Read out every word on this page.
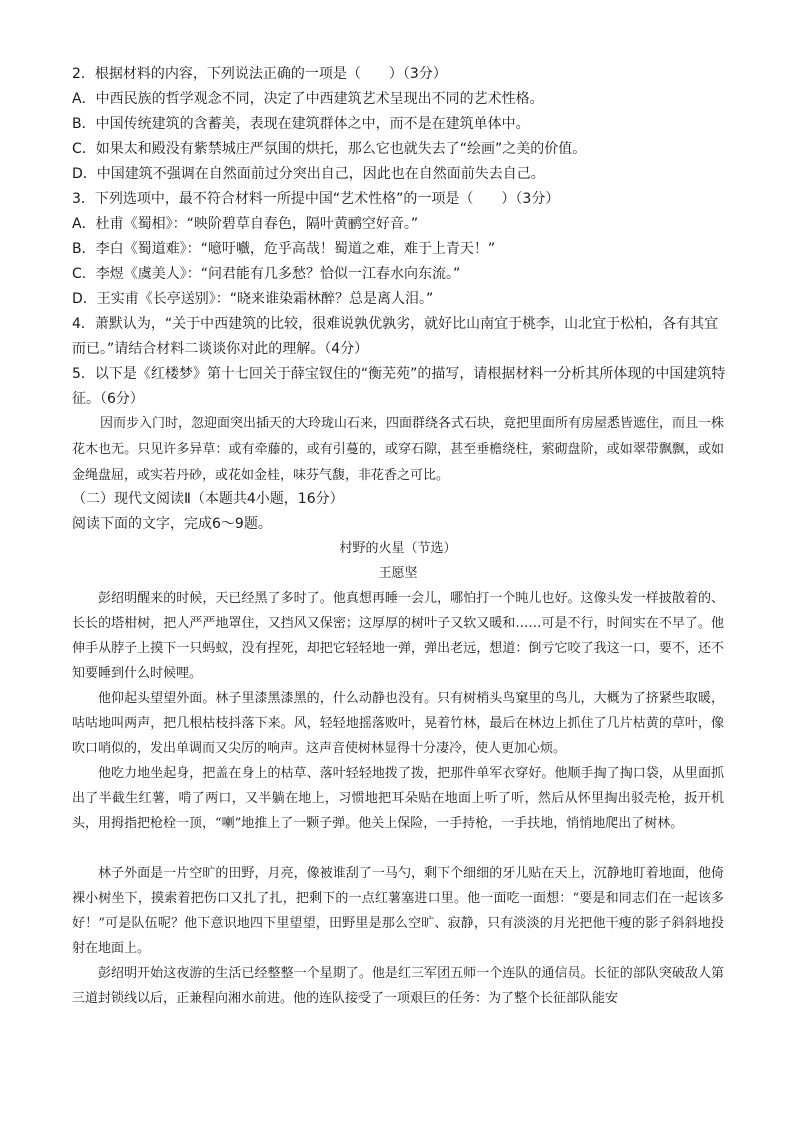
2．根据材料的内容，下列说法正确的一项是（　　）（3分）

A．中西民族的哲学观念不同，决定了中西建筑艺术呈现出不同的艺术性格。

B．中国传统建筑的含蓄美，表现在建筑群体之中，而不是在建筑单体中。

C．如果太和殿没有紫禁城庄严氛围的烘托，那么它也就失去了“绘画”之美的价值。

D．中国建筑不强调在自然面前过分突出自己，因此也在自然面前失去自己。

3．下列选项中，最不符合材料一所提中国“艺术性格”的一项是（　　）（3分）

A．杜甫《蜀相》：“映阶碧草自春色，隔叶黄鹂空好音。”

B．李白《蜀道难》：“噫吁嚱，危乎高哉！蜀道之难，难于上青天！”

C．李煜《虞美人》：“问君能有几多愁？恰似一江春水向东流。”

D．王实甫《长亭送别》：“晓来谁染霜林醉？总是离人泪。”

4．萧默认为，“关于中西建筑的比较，很难说孰优孰劣，就好比山南宜于桃李，山北宜于松柏，各有其宜而已。”请结合材料二谈谈你对此的理解。（4分）

5．以下是《红楼梦》第十七回关于薛宝钗住的“衡芜苑”的描写，请根据材料一分析其所体现的中国建筑特征。（6分）

因而步入门时，忽迎面突出插天的大玲珑山石来，四面群绕各式石块，竟把里面所有房屋悉皆遮住，而且一株花木也无。只见许多异草：或有牵藤的，或有引蔓的，或穿石隙，甚至垂檐绕柱，萦砌盘阶，或如翠带飘飘，或如金绳盘屈，或实若丹砂，或花如金桂，味芬气馥，非花香之可比。

（二）现代文阅读Ⅱ（本题共4小题，16分）

阅读下面的文字，完成6～9题。

村野的火星（节选）

王愿坚

彭绍明醒来的时候，天已经黑了多时了。他真想再睡一会儿，哪怕打一个盹儿也好。这像头发一样披散着的、长长的塔柑树，把人严严地罩住，又挡风又保密；这厚厚的树叶子又软又暖和……可是不行，时间实在不早了。他伸手从脖子上摸下一只蚂蚁，没有捏死，却把它轻轻地一弹，弹出老远，想道：倒亏它咬了我这一口，要不，还不知要睡到什么时候哩。

他仰起头望望外面。林子里漆黑漆黑的，什么动静也没有。只有树梢头鸟窠里的鸟儿，大概为了挤紧些取暖，咕咕地叫两声，把几根枯枝抖落下来。风，轻轻地摇落败叶，晃着竹林，最后在林边上抓住了几片枯黄的草叶，像吹口哨似的，发出单调而又尖厉的响声。这声音使树林显得十分凄冷，使人更加心烦。

他吃力地坐起身，把盖在身上的枯草、落叶轻轻地拨了拨，把那件单军衣穿好。他顺手掏了掏口袋，从里面抓出了半截生红薯，啃了两口，又半躺在地上，习惯地把耳朵贴在地面上听了听，然后从怀里掏出驳壳枪，扳开机头，用拇指把枪栓一顶，“喇”地推上了一颗子弹。他关上保险，一手持枪，一手扶地，悄悄地爬出了树林。

林子外面是一片空旷的田野，月亮，像被谁刮了一马勺，剩下个细细的牙儿贴在天上，沉静地盯着地面，他倚裸小树坐下，摸索着把伤口又扎了扎，把剩下的一点红薯塞进口里。他一面吃一面想：“要是和同志们在一起该多好！”可是队伍呢？他下意识地四下里望望，田野里是那么空旷、寂静，只有淡淡的月光把他干瘦的影子斜斜地投射在地面上。

彭绍明开始这夜游的生活已经整整一个星期了。他是红三军团五师一个连队的通信员。长征的部队突破敌人第三道封锁线以后，正兼程向湘水前进。他的连队接受了一项艰巨的任务：为了整个长征部队能安
